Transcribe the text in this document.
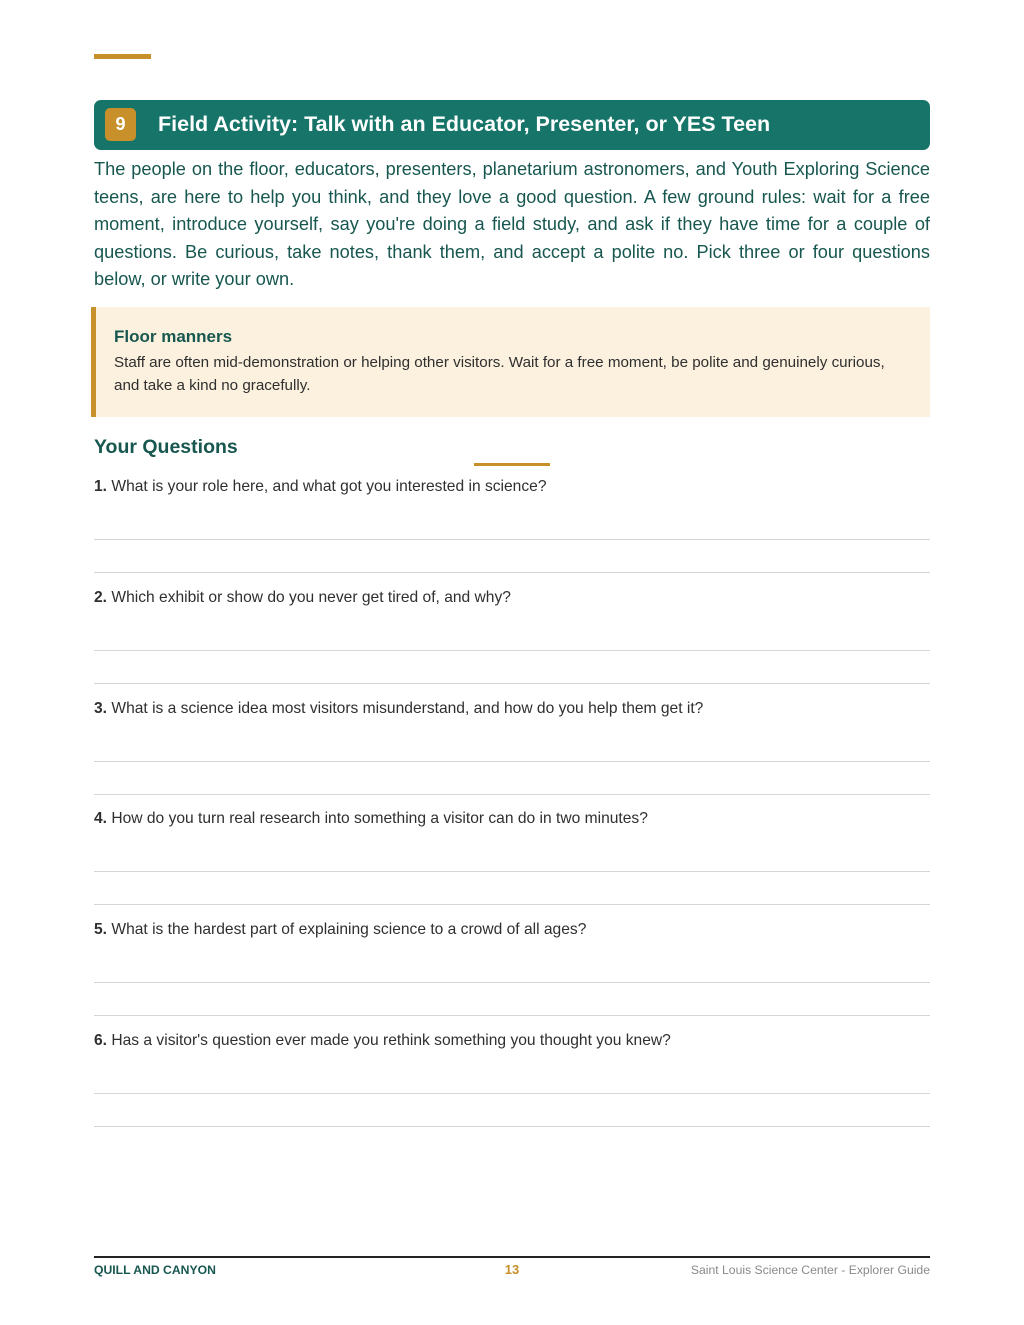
9	Field Activity: Talk with an Educator, Presenter, or YES Teen

The people on the floor, educators, presenters, planetarium astronomers, and Youth Exploring Science teens, are here to help you think, and they love a good question. A few ground rules: wait for a free moment, introduce yourself, say you're doing a field study, and ask if they have time for a couple of questions. Be curious, take notes, thank them, and accept a polite no. Pick three or four questions below, or write your own.

Floor manners

Staff are often mid-demonstration or helping other visitors. Wait for a free moment, be polite and genuinely curious, and take a kind no gracefully.

Your Questions
1. What is your role here, and what got you interested in science?
2. Which exhibit or show do you never get tired of, and why?
3. What is a science idea most visitors misunderstand, and how do you help them get it?
4. How do you turn real research into something a visitor can do in two minutes?
5. What is the hardest part of explaining science to a crowd of all ages?
6. Has a visitor's question ever made you rethink something you thought you knew?
QUILL AND CANYON	13	Saint Louis Science Center - Explorer Guide
